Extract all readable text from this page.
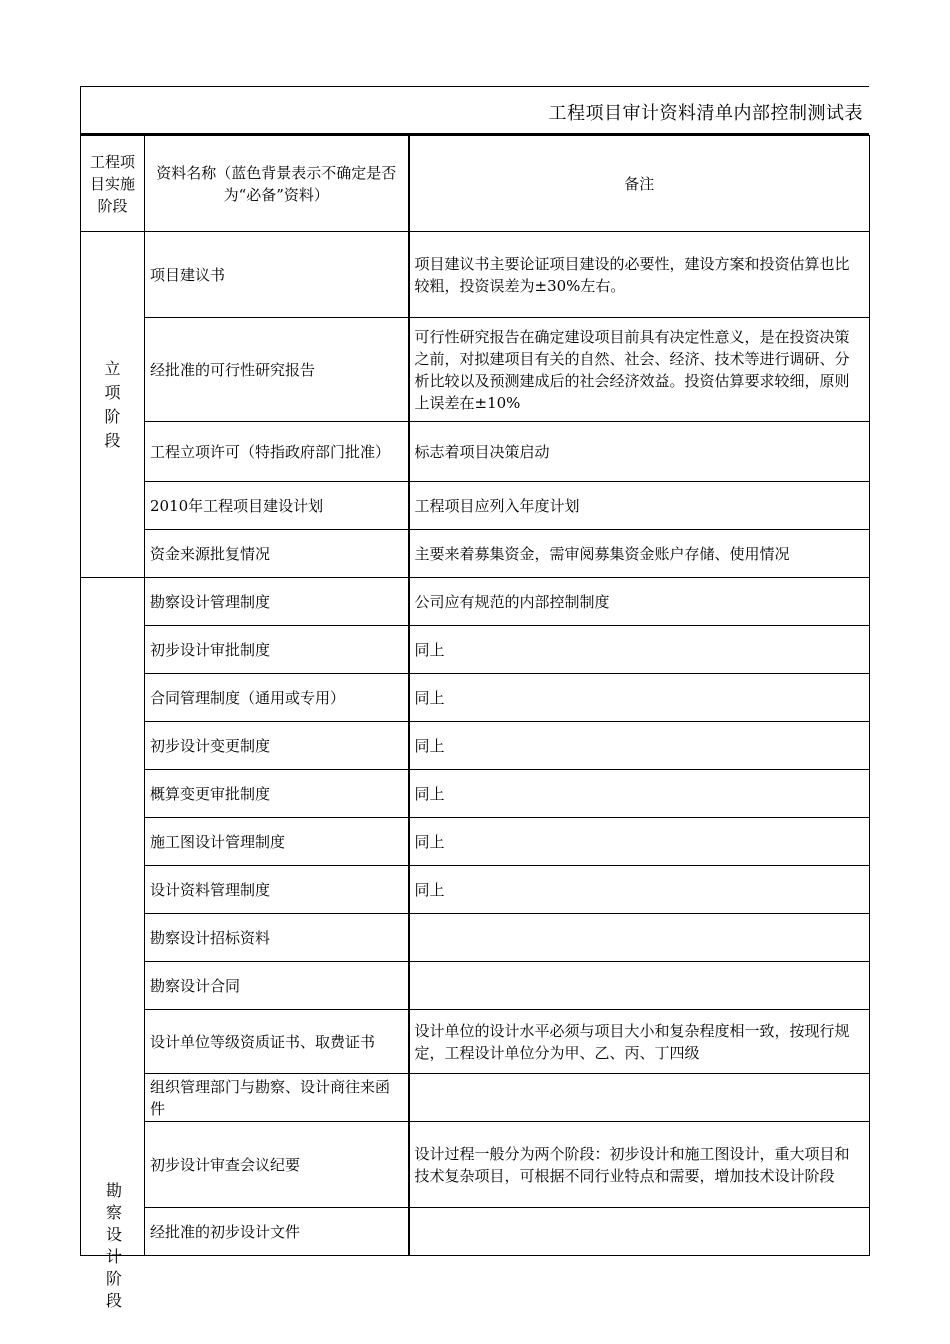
工程项目审计资料清单内部控制测试表
工程项目实施阶段	资料名称（蓝色背景表示不确定是否为“必备”资料）	备注
立项阶段	项目建议书	项目建议书主要论证项目建设的必要性，建设方案和投资估算也比较粗，投资误差为±30%左右。
	经批准的可行性研究报告	可行性研究报告在确定建设项目前具有决定性意义，是在投资决策之前，对拟建项目有关的自然、社会、经济、技术等进行调研、分析比较以及预测建成后的社会经济效益。投资估算要求较细，原则上误差在±10%
	工程立项许可（特指政府部门批准）	标志着项目决策启动
	2010年工程项目建设计划	工程项目应列入年度计划
	资金来源批复情况	主要来着募集资金，需审阅募集资金账户存储、使用情况
	勘察设计管理制度	公司应有规范的内部控制制度
	初步设计审批制度	同上
	合同管理制度（通用或专用）	同上
	初步设计变更制度	同上
	概算变更审批制度	同上
	施工图设计管理制度	同上
	设计资料管理制度	同上
	勘察设计招标资料	
	勘察设计合同	
	设计单位等级资质证书、取费证书	设计单位的设计水平必须与项目大小和复杂程度相一致，按现行规定，工程设计单位分为甲、乙、丙、丁四级
	组织管理部门与勘察、设计商往来函件	
	初步设计审查会议纪要	设计过程一般分为两个阶段：初步设计和施工图设计，重大项目和技术复杂项目，可根据不同行业特点和需要，增加技术设计阶段
	经批准的初步设计文件	
勘察设计阶段
